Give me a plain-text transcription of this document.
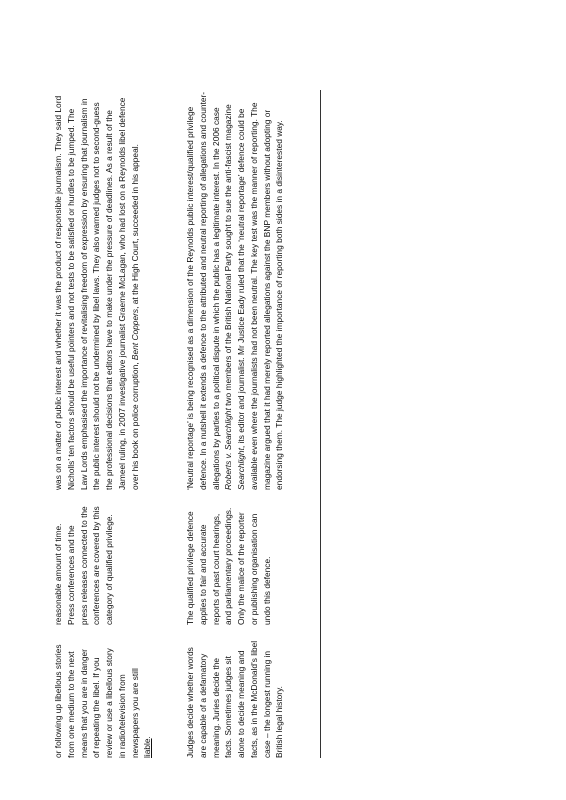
or following up libellous stories from one medium to the next means that you are in danger of repeating the libel. If you review or use a libellous story in radio/television from newspapers you are still liable.	Judges decide whether words are capable of a defamatory meaning. Juries decide the facts. Sometimes judges sit alone to decide meaning and facts, as in the McDonald’s libel case – the longest running in British legal history.

reasonable amount of time. Press conferences and the press releases connected to the conferences are covered by this category of qualified privilege.	The qualified privilege defence applies to fair and accurate reports of past court hearings, and parliamentary proceedings. Only the malice of the reporter or publishing organisation can undo this defence.

was on a matter of public interest and whether it was the product of responsible journalism. They said Lord Nicholls’ ten factors should be useful pointers and not tests to be satisfied or hurdles to be jumped. The Law Lords emphasised the importance of revitalising freedom of expression by ensuring that journalism in the public interest should not be undermined by libel laws. They also warned judges not to second-guess the professional decisions that editors have to make under the pressure of deadlines. As a result of the Jameel ruling, in 2007 investigative journalist Graeme McLagan, who had lost on a Reynolds libel defence over his book on police corruption, Bent Coppers, at the High Court, succeeded in his appeal.	‘Neutral reportage’ is being recognised as a dimension of the Reynolds public interest/qualified privilege defence. In a nutshell it extends a defence to the attributed and neutral reporting of allegations and counter-allegations by parties to a political dispute in which the public has a legitimate interest. In the 2006 case Roberts v. Searchlight two members of the British National Party sought to sue the anti-fascist magazine Searchlight, its editor and journalist. Mr Justice Eady ruled that the ‘neutral reportage’ defence could be available even where the journalists had not been neutral. The key test was the manner of reporting. The magazine argued that it had merely reported allegations against the BNP members without adopting or endorsing them. The judge highlighted the importance of reporting both sides in a disinterested way.
